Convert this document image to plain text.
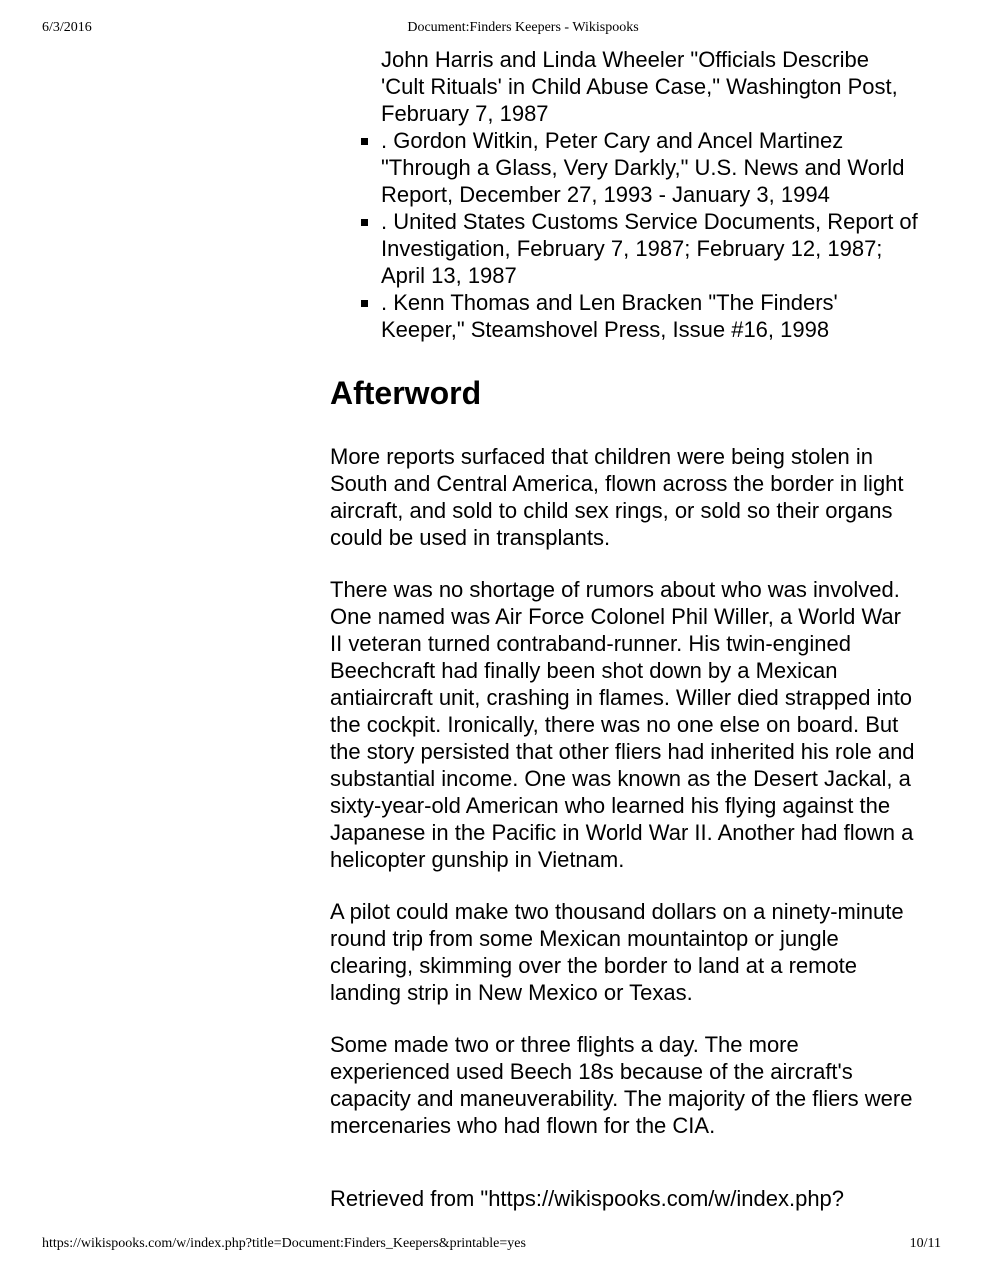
6/3/2016	Document:Finders Keepers - Wikispooks
John Harris and Linda Wheeler "Officials Describe 'Cult Rituals' in Child Abuse Case," Washington Post, February 7, 1987
▪ . Gordon Witkin, Peter Cary and Ancel Martinez "Through a Glass, Very Darkly," U.S. News and World Report, December 27, 1993 - January 3, 1994
▪ . United States Customs Service Documents, Report of Investigation, February 7, 1987; February 12, 1987; April 13, 1987
▪ . Kenn Thomas and Len Bracken "The Finders' Keeper," Steamshovel Press, Issue #16, 1998
Afterword

More reports surfaced that children were being stolen in South and Central America, flown across the border in light aircraft, and sold to child sex rings, or sold so their organs could be used in transplants.

There was no shortage of rumors about who was involved. One named was Air Force Colonel Phil Willer, a World War II veteran turned contraband-runner. His twin-engined Beechcraft had finally been shot down by a Mexican antiaircraft unit, crashing in flames. Willer died strapped into the cockpit. Ironically, there was no one else on board. But the story persisted that other fliers had inherited his role and substantial income. One was known as the Desert Jackal, a sixty-year-old American who learned his flying against the Japanese in the Pacific in World War II. Another had flown a helicopter gunship in Vietnam.

A pilot could make two thousand dollars on a ninety-minute round trip from some Mexican mountaintop or jungle clearing, skimming over the border to land at a remote landing strip in New Mexico or Texas.

Some made two or three flights a day. The more experienced used Beech 18s because of the aircraft's capacity and maneuverability. The majority of the fliers were mercenaries who had flown for the CIA.

Retrieved from "https://wikispooks.com/w/index.php?

https://wikispooks.com/w/index.php?title=Document:Finders_Keepers&printable=yes	10/11
